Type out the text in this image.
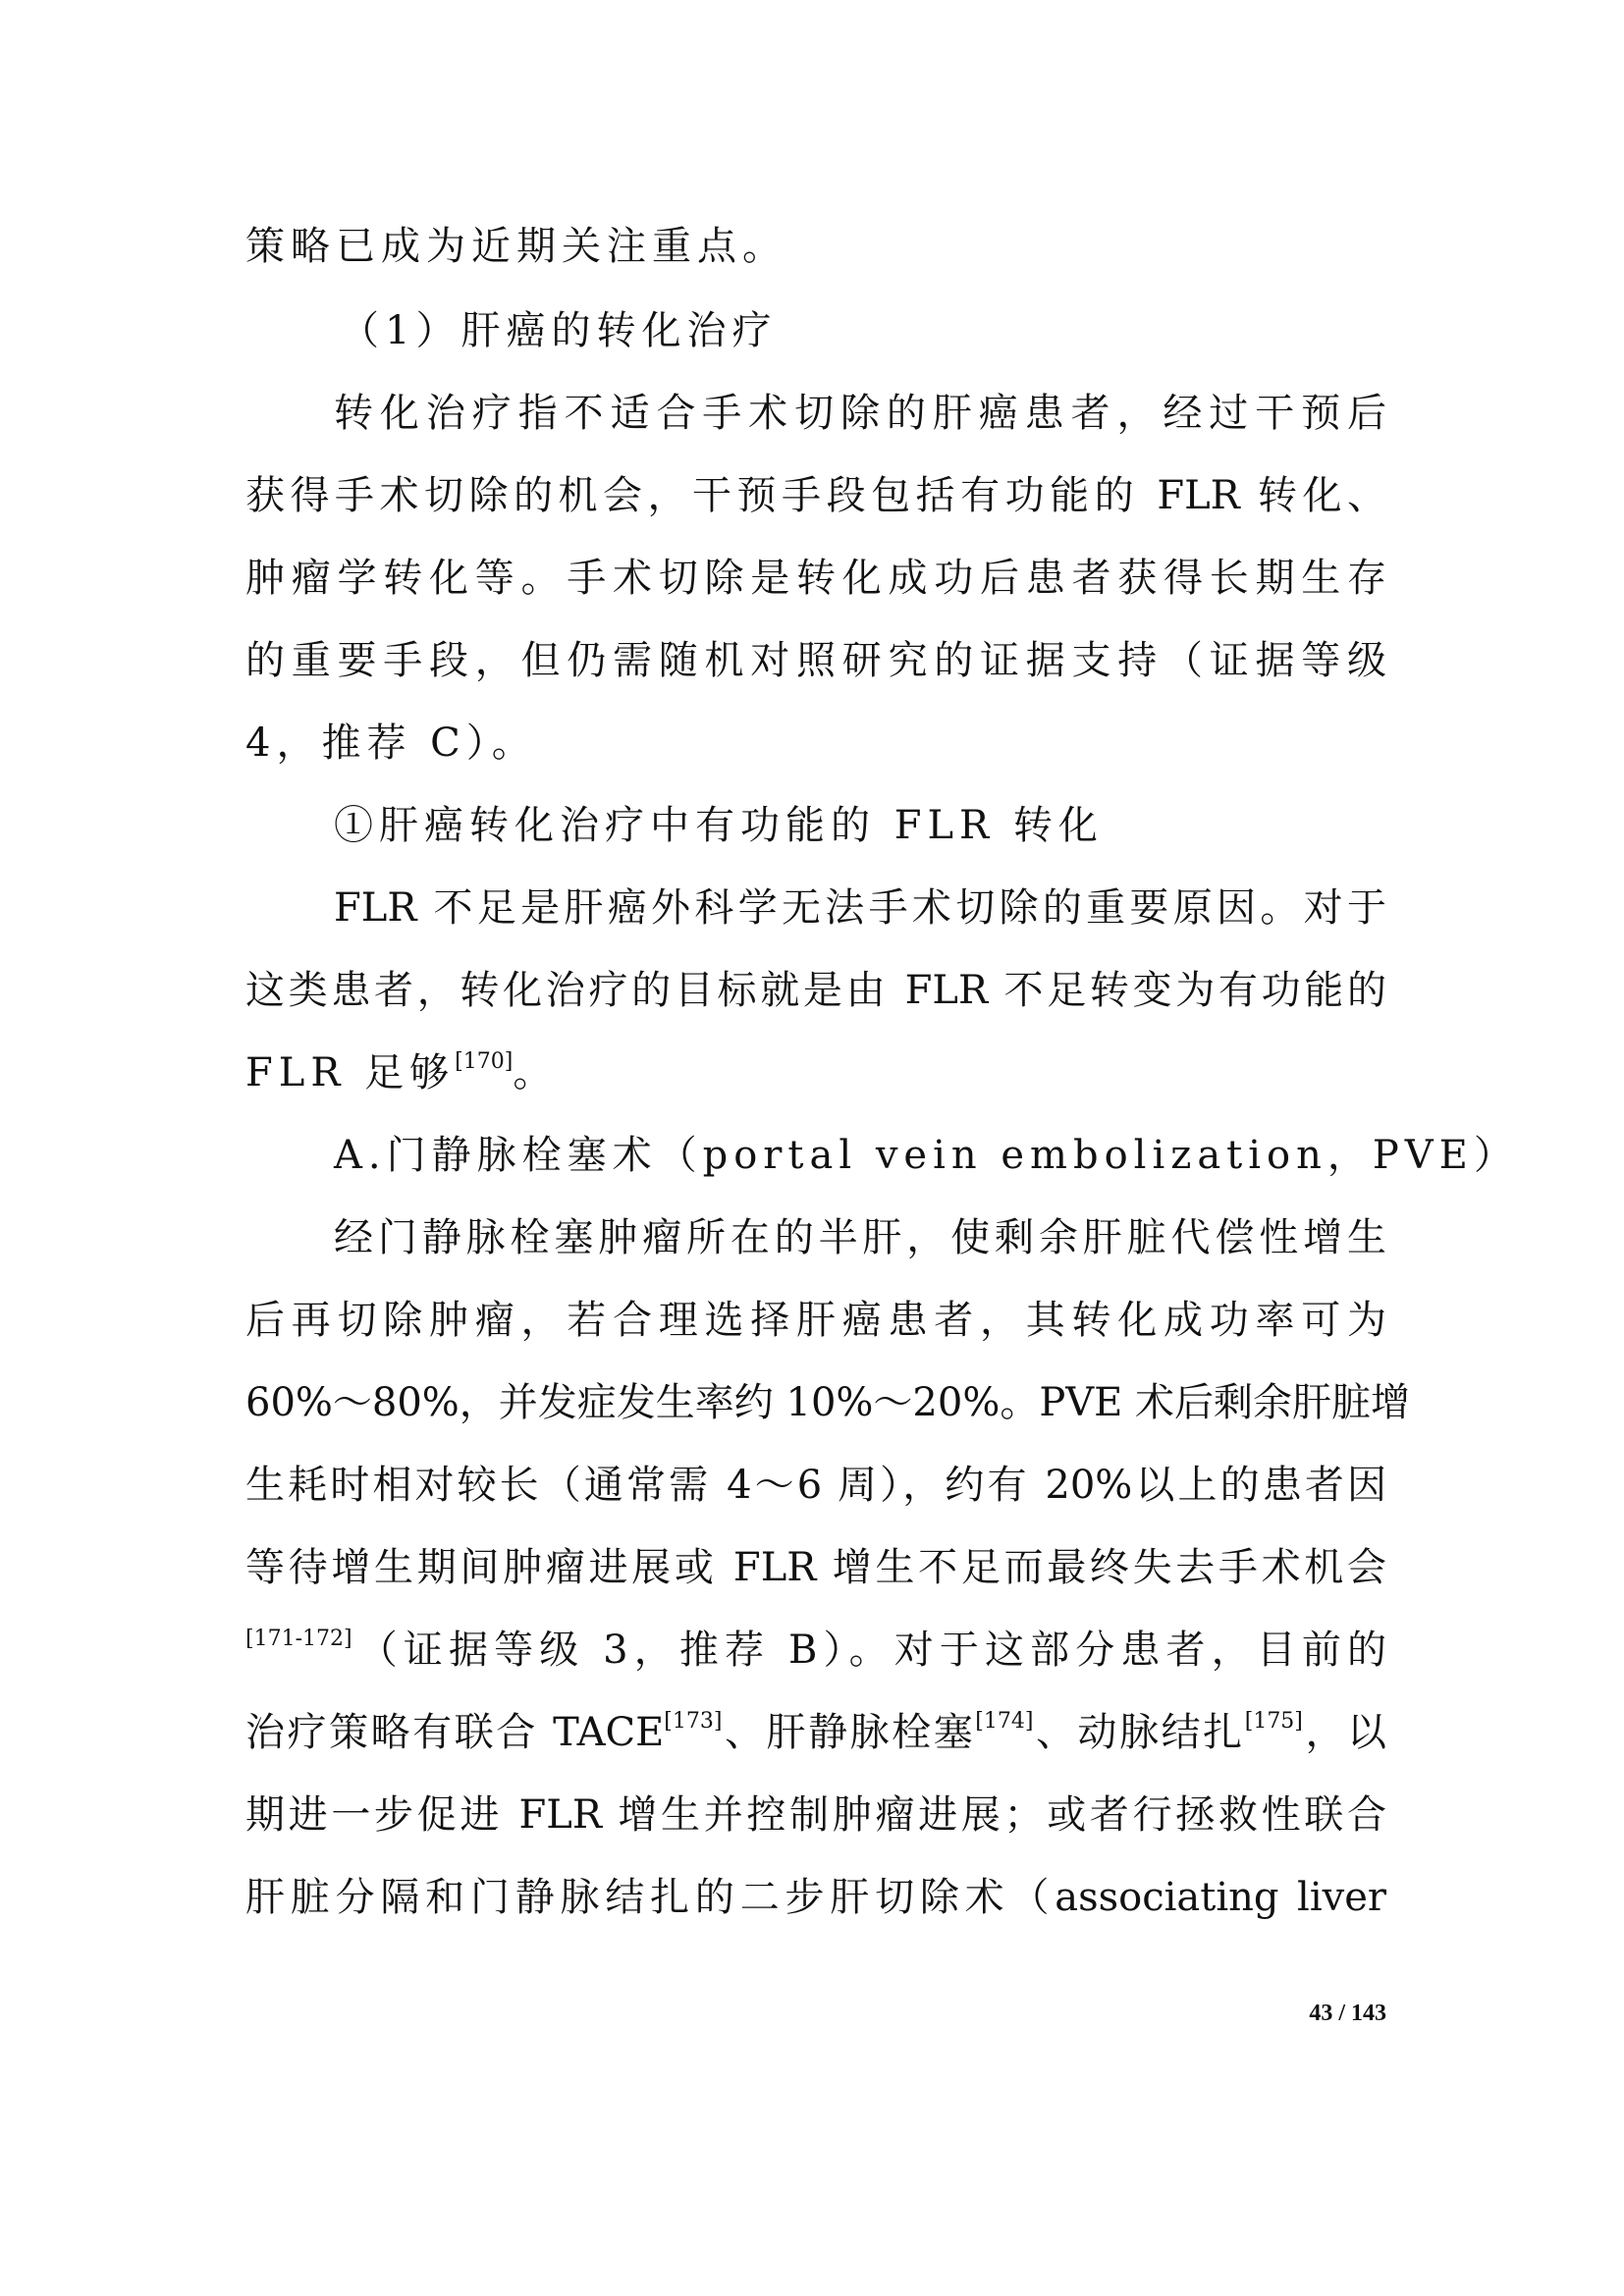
策略已成为近期关注重点。
（1）肝癌的转化治疗
转化治疗指不适合手术切除的肝癌患者，经过干预后
获得手术切除的机会，干预手段包括有功能的 FLR 转化、
肿瘤学转化等。手术切除是转化成功后患者获得长期生存
的重要手段，但仍需随机对照研究的证据支持（证据等级
4，推荐 C）。
①肝癌转化治疗中有功能的 FLR 转化
FLR 不足是肝癌外科学无法手术切除的重要原因。对于
这类患者，转化治疗的目标就是由 FLR 不足转变为有功能的
FLR 足够[170]。
A.门静脉栓塞术（portal vein embolization，PVE）
经门静脉栓塞肿瘤所在的半肝，使剩余肝脏代偿性增生
后再切除肿瘤，若合理选择肝癌患者，其转化成功率可为
60%～80%，并发症发生率约 10%～20%。PVE 术后剩余肝脏增
生耗时相对较长（通常需 4～6 周），约有 20%以上的患者因
等待增生期间肿瘤进展或 FLR 增生不足而最终失去手术机会
[171-172]（证据等级 3，推荐 B）。对于这部分患者，目前的
治疗策略有联合 TACE[173]、肝静脉栓塞[174]、动脉结扎[175]，以
期进一步促进 FLR 增生并控制肿瘤进展；或者行拯救性联合
肝脏分隔和门静脉结扎的二步肝切除术（associating liver
43 / 143
